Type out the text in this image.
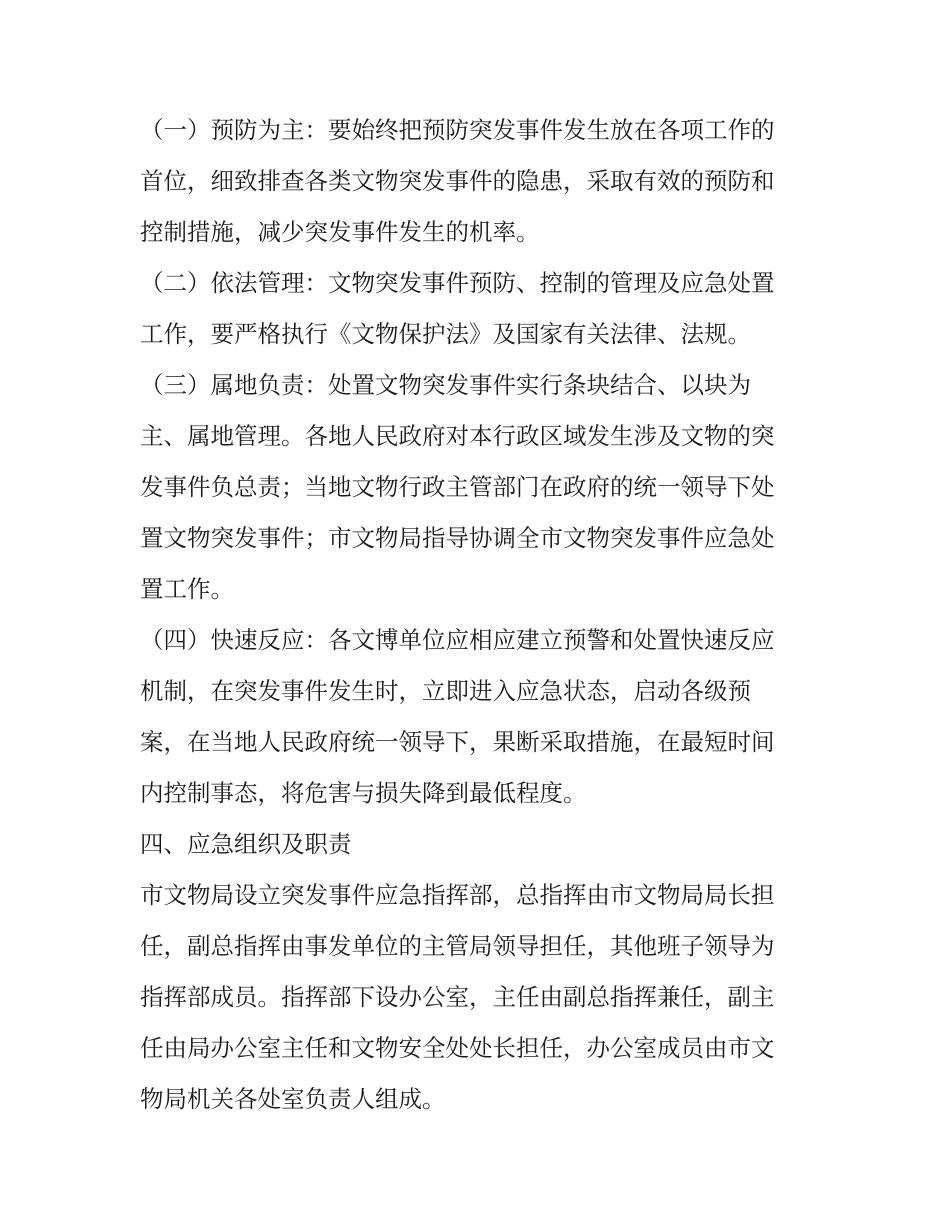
（一）预防为主：要始终把预防突发事件发生放在各项工作的
首位，细致排查各类文物突发事件的隐患，采取有效的预防和
控制措施，减少突发事件发生的机率。
（二）依法管理：文物突发事件预防、控制的管理及应急处置
工作，要严格执行《文物保护法》及国家有关法律、法规。
（三）属地负责：处置文物突发事件实行条块结合、以块为
主、属地管理。各地人民政府对本行政区域发生涉及文物的突
发事件负总责；当地文物行政主管部门在政府的统一领导下处
置文物突发事件；市文物局指导协调全市文物突发事件应急处
置工作。
（四）快速反应：各文博单位应相应建立预警和处置快速反应
机制，在突发事件发生时，立即进入应急状态，启动各级预
案，在当地人民政府统一领导下，果断采取措施，在最短时间
内控制事态，将危害与损失降到最低程度。
四、应急组织及职责
市文物局设立突发事件应急指挥部，总指挥由市文物局局长担
任，副总指挥由事发单位的主管局领导担任，其他班子领导为
指挥部成员。指挥部下设办公室，主任由副总指挥兼任，副主
任由局办公室主任和文物安全处处长担任，办公室成员由市文
物局机关各处室负责人组成。
